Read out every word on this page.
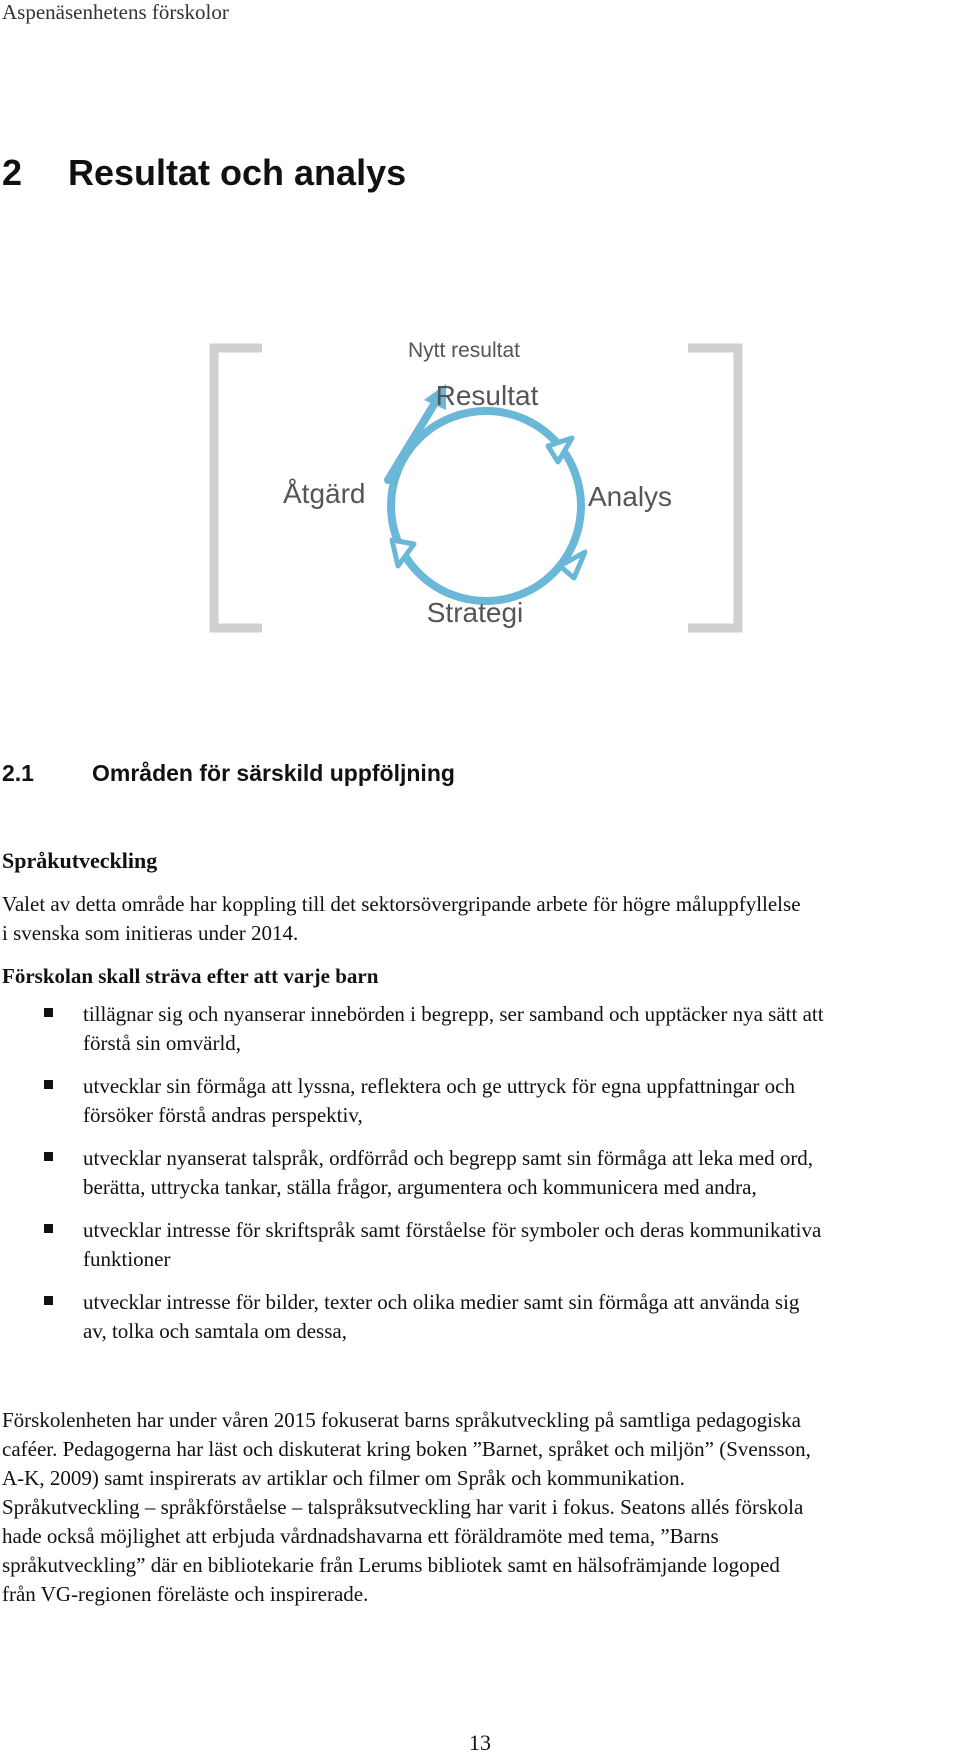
Aspenäsenhetens förskolor
2 Resultat och analys
Nytt resultat
Resultat
Analys
Strategi
Åtgärd
2.1	Områden för särskild uppföljning
Språkutveckling
Valet av detta område har koppling till det sektorsövergripande arbete för högre måluppfyllelse
i svenska som initieras under 2014.
Förskolan skall sträva efter att varje barn
tillägnar sig och nyanserar innebörden i begrepp, ser samband och upptäcker nya sätt att
förstå sin omvärld,
utvecklar sin förmåga att lyssna, reflektera och ge uttryck för egna uppfattningar och
försöker förstå andras perspektiv,
utvecklar nyanserat talspråk, ordförråd och begrepp samt sin förmåga att leka med ord,
berätta, uttrycka tankar, ställa frågor, argumentera och kommunicera med andra,
utvecklar intresse för skriftspråk samt förståelse för symboler och deras kommunikativa
funktioner
utvecklar intresse för bilder, texter och olika medier samt sin förmåga att använda sig
av, tolka och samtala om dessa,
Förskolenheten har under våren 2015 fokuserat barns språkutveckling på samtliga pedagogiska
caféer. Pedagogerna har läst och diskuterat kring boken ”Barnet, språket och miljön” (Svensson,
A-K, 2009) samt inspirerats av artiklar och filmer om Språk och kommunikation.
Språkutveckling – språkförståelse – talspråksutveckling har varit i fokus. Seatons allés förskola
hade också möjlighet att erbjuda vårdnadshavarna ett föräldramöte med tema, ”Barns
språkutveckling” där en bibliotekarie från Lerums bibliotek samt en hälsofrämjande logoped
från VG-regionen föreläste och inspirerade.
13
